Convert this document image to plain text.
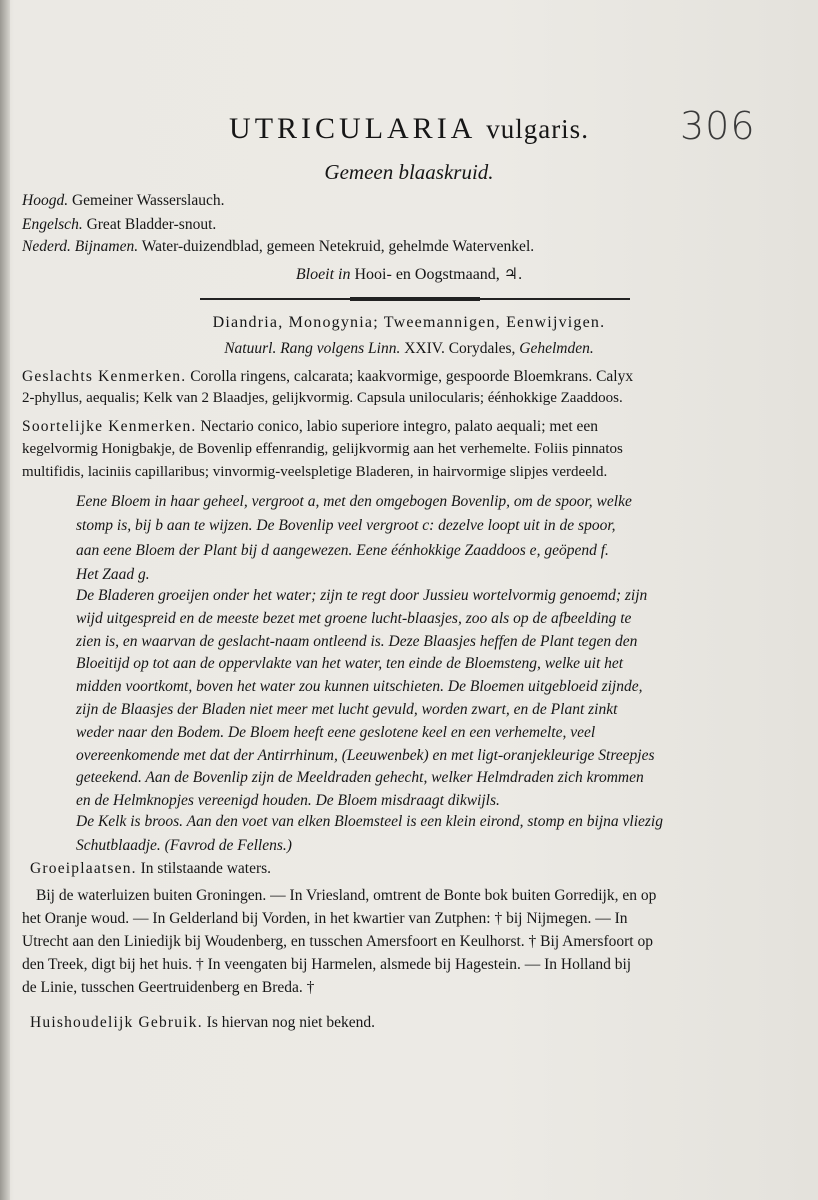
306
UTRICULARIA vulgaris.
Gemeen blaaskruid.
Hoogd. Gemeiner Wasserslauch.
Engelsch. Great Bladder-snout.
Nederd. Bijnamen. Water-duizendblad, gemeen Netekruid, gehelmde Watervenkel.
Bloeit in Hooi- en Oogstmaand, ♃.
Diandria, Monogynia; Tweemannigen, Eenwijvigen.
Natuurl. Rang volgens Linn. XXIV. Corydales, Gehelmden.
Geslachts Kenmerken. Corolla ringens, calcarata; kaakvormige, gespoorde Bloemkrans. Calyx
2-phyllus, aequalis; Kelk van 2 Blaadjes, gelijkvormig. Capsula unilocularis; éénhokkige Zaaddoos.
Soortelijke Kenmerken. Nectario conico, labio superiore integro, palato aequali; met een
kegelvormig Honigbakje, de Bovenlip effenrandig, gelijkvormig aan het verhemelte. Foliis pinnatos
multifidis, laciniis capillaribus; vinvormig-veelspletige Bladeren, in hairvormige slipjes verdeeld.
Eene Bloem in haar geheel, vergroot a, met den omgebogen Bovenlip, om de spoor, welke
stomp is, bij b aan te wijzen. De Bovenlip veel vergroot c: dezelve loopt uit in de spoor,
aan eene Bloem der Plant bij d aangewezen. Eene éénhokkige Zaaddoos e, geöpend f.
Het Zaad g.
De Bladeren groeijen onder het water; zijn te regt door Jussieu wortelvormig genoemd; zijn
wijd uitgespreid en de meeste bezet met groene lucht-blaasjes, zoo als op de afbeelding te
zien is, en waarvan de geslacht-naam ontleend is. Deze Blaasjes heffen de Plant tegen den
Bloeitijd op tot aan de oppervlakte van het water, ten einde de Bloemsteng, welke uit het
midden voortkomt, boven het water zou kunnen uitschieten. De Bloemen uitgebloeid zijnde,
zijn de Blaasjes der Bladen niet meer met lucht gevuld, worden zwart, en de Plant zinkt
weder naar den Bodem. De Bloem heeft eene geslotene keel en een verhemelte, veel
overeenkomende met dat der Antirrhinum, (Leeuwenbek) en met ligt-oranjekleurige Streepjes
geteekend. Aan de Bovenlip zijn de Meeldraden gehecht, welker Helmdraden zich krommen
en de Helmknopjes vereenigd houden. De Bloem misdraagt dikwijls.
De Kelk is broos. Aan den voet van elken Bloemsteel is een klein eirond, stomp en bijna vliezig
Schutblaadje. (Favrod de Fellens.)
Groeiplaatsen. In stilstaande waters.
Bij de waterluizen buiten Groningen. — In Vriesland, omtrent de Bonte bok buiten Gorredijk, en op
het Oranje woud. — In Gelderland bij Vorden, in het kwartier van Zutphen: † bij Nijmegen. — In
Utrecht aan den Liniedijk bij Woudenberg, en tusschen Amersfoort en Keulhorst. † Bij Amersfoort op
den Treek, digt bij het huis. † In veengaten bij Harmelen, alsmede bij Hagestein. — In Holland bij
de Linie, tusschen Geertruidenberg en Breda. †
Huishoudelijk Gebruik. Is hiervan nog niet bekend.
